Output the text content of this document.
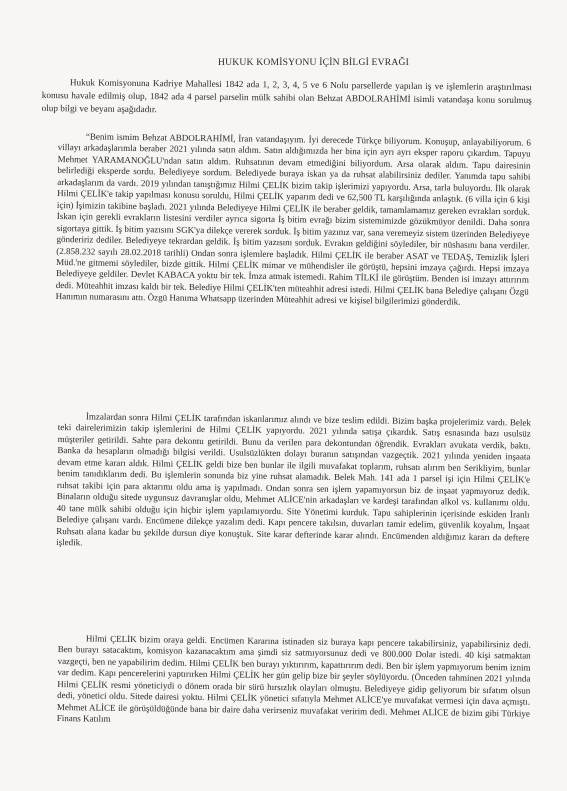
HUKUK KOMİSYONU İÇİN BİLGİ EVRAĞI

Hukuk Komisyonuna Kadriye Mahallesi 1842 ada 1, 2, 3, 4, 5 ve 6 Nolu parsellerde yapılan iş ve işlemlerin araştırılması konusu havale edilmiş olup, 1842 ada 4 parsel parselin mülk sahibi olan Behzat ABDOLRAHİMİ isimli vatandaşa konu sorulmuş olup bilgi ve beyanı aşağıdadır.

“Benim ismim Behzat ABDOLRAHİMİ, İran vatandaşıyım. İyi derecede Türkçe biliyorum. Konuşup, anlayabiliyorum. 6 villayı arkadaşlarımla beraber 2021 yılında satın aldım. Satın aldığımızda her bina için ayrı ayrı eksper raporu çıkardım. Tapuyu Mehmet YARAMANOĞLU'ndan satın aldım. Ruhsatının devam etmediğini biliyordum. Arsa olarak aldım. Tapu dairesinin belirlediği eksperde sordu. Belediyeye sordum. Belediyede buraya iskan ya da ruhsat alabilirsiniz dediler. Yanımda tapu sahibi arkadaşlarım da vardı. 2019 yılından tanıştığımız Hilmi ÇELİK bizim takip işlerimizi yapıyordu. Arsa, tarla buluyordu. İlk olarak Hilmi ÇELİK'e takip yapılması konusu soruldu, Hilmi ÇELİK yaparım dedi ve 62,500 TL karşılığında anlaştık. (6 villa için 6 kişi için) İşimizin takibine başladı. 2021 yılında Belediyeye Hilmi ÇELİK ile beraber geldik, tamamlamamız gereken evrakları sorduk. İskan için gerekli evrakların listesini verdiler ayrıca sigorta İş bitim evrağı bizim sistemimizde gözükmüyor denildi. Daha sonra sigortaya gittik. İş bitim yazısını SGK'ya dilekçe vererek sorduk. İş bitim yazınız var, sana veremeyiz sistem üzerinden Belediyeye göndeririz dediler. Belediyeye tekrardan geldik. İş bitim yazısını sorduk. Evrakın geldiğini söylediler, bir nüshasını bana verdiler. (2.858.232 sayılı 28.02.2018 tarihli) Ondan sonra işlemlere başladık. Hilmi ÇELİK ile beraber ASAT ve TEDAŞ, Temizlik İşleri Müd.'ne gitmemi söylediler, bizde gittik. Hilmi ÇELİK mimar ve mühendisler ile görüştü, hepsini imzaya çağırdı. Hepsi imzaya Belediyeye geldiler. Devlet KABACA yoktu bir tek. İmza atmak istemedi. Rahim TİLKİ ile görüştüm. Benden isi imzayı attırırım dedi. Müteahhit imzası kaldı bir tek. Belediye Hilmi ÇELİK'ten müteahhit adresi istedi. Hilmi ÇELİK bana Belediye çalışanı Özgü Hanımın numarasını attı. Özgü Hanıma Whatsapp üzerinden Müteahhit adresi ve kişisel bilgilerimizi gönderdik.

İmzalardan sonra Hilmi ÇELİK tarafından iskanlarımız alındı ve bize teslim edildi. Bizim başka projelerimiz vardı. Belek teki dairelerimizin takip işlemlerini de Hilmi ÇELİK yapıyordu. 2021 yılında satışa çıkardık. Satış esnasında bazı usulsüz müşteriler getirildi. Sahte para dekontu getirildi. Bunu da verilen para dekontundan öğrendik. Evrakları avukata verdik, baktı. Banka da hesapların olmadığı bilgisi verildi. Usulsüzlükten dolayı buranın satışından vazgeçtik. 2021 yılında yeniden inşaata devam etme kararı aldık. Hilmi ÇELİK geldi bize ben bunlar ile ilgili muvafakat toplarım, ruhsatı alırım ben Serikliyim, bunlar benim tanıdıklarım dedi. Bu işlemlerin sonunda biz yine ruhsat alamadık. Belek Mah. 141 ada 1 parsel işi için Hilmi ÇELİK'e ruhsat takibi için para aktarımı oldu ama iş yapılmadı. Ondan sonra sen işlem yapamıyorsun biz de inşaat yapmıyoruz dedik. Binaların olduğu sitede uygunsuz davranışlar oldu, Mehmet ALİCE'nin arkadaşları ve kardeşi tarafından alkol vs. kullanımı oldu. 40 tane mülk sahibi olduğu için hiçbir işlem yapılamıyordu. Site Yönetimi kurduk. Tapu sahiplerinin içerisinde eskiden İranlı Belediye çalışanı vardı. Encümene dilekçe yazalım dedi. Kapı pencere takılsın, duvarları tamir edelim, güvenlik koyalım, İnşaat Ruhsatı alana kadar bu şekilde dursun diye konuştuk. Site karar defterinde karar alındı. Encümenden aldığımız kararı da deftere işledik.

Hilmi ÇELİK bizim oraya geldi. Encümen Kararına istinaden siz buraya kapı pencere takabilirsiniz, yapabilirsiniz dedi. Ben burayı satacaktım, komisyon kazanacaktım ama şimdi siz satmıyorsunuz dedi ve 800.000 Dolar istedi. 40 kişi satmaktan vazgeçti, ben ne yapabilirim dedim. Hilmi ÇELİK ben burayı yıktırırım, kapattırırım dedi. Ben bir işlem yapmıyorum benim iznim var dedim. Kapı pencerelerini yaptırırken Hilmi ÇELİK her gün gelip bize bir şeyler söylüyordu. (Önceden tahminen 2021 yılında Hilmi ÇELİK resmi yöneticiydi o dönem orada bir sürü hırsızlık olayları olmuştu. Belediyeye gidip geliyorum bir sıfatım olsun dedi, yönetici oldu. Sitede dairesi yoktu. Hilmi ÇELİK yönetici sıfatıyla Mehmet ALİCE'ye muvafakat vermesi için dava açmıştı. Mehmet ALİCE ile görüşüldüğünde bana bir daire daha verirseniz muvafakat veririm dedi. Mehmet ALİCE de bizim gibi Türkiye Finans Katılım
